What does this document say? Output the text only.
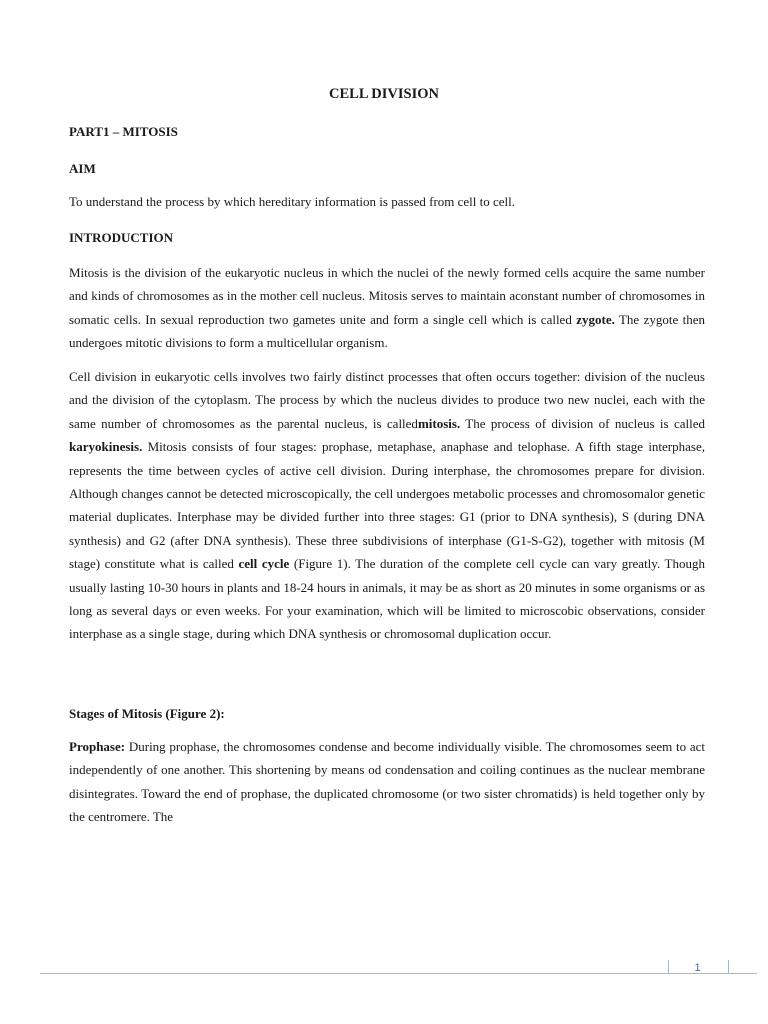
CELL DIVISION
PART1 – MITOSIS
AIM

To understand the process by which hereditary information is passed from cell to cell.

INTRODUCTION

Mitosis is the division of the eukaryotic nucleus in which the nuclei of the newly formed cells acquire the same number and kinds of chromosomes as in the mother cell nucleus. Mitosis serves to maintain aconstant number of chromosomes in somatic cells. In sexual reproduction two gametes unite and form a single cell which is called zygote. The zygote then undergoes mitotic divisions to form a multicellular organism.

Cell division in eukaryotic cells involves two fairly distinct processes that often occurs together: division of the nucleus and the division of the cytoplasm. The process by which the nucleus divides to produce two new nuclei, each with the same number of chromosomes as the parental nucleus, is calledmitosis. The process of division of nucleus is called karyokinesis. Mitosis consists of four stages: prophase, metaphase, anaphase and telophase. A fifth stage interphase, represents the time between cycles of active cell division. During interphase, the chromosomes prepare for division. Although changes cannot be detected microscopically, the cell undergoes metabolic processes and chromosomalor genetic material duplicates. Interphase may be divided further into three stages: G1 (prior to DNA synthesis), S (during DNA synthesis) and G2 (after DNA synthesis). These three subdivisions of interphase (G1-S-G2), together with mitosis (M stage) constitute what is called cell cycle (Figure 1). The duration of the complete cell cycle can vary greatly. Though usually lasting 10-30 hours in plants and 18-24 hours in animals, it may be as short as 20 minutes in some organisms or as long as several days or even weeks. For your examination, which will be limited to microscobic observations, consider interphase as a single stage, during which DNA synthesis or chromosomal duplication occur.

Stages of Mitosis (Figure 2):

Prophase: During prophase, the chromosomes condense and become individually visible. The chromosomes seem to act independently of one another. This shortening by means od condensation and coiling continues as the nuclear membrane disintegrates. Toward the end of prophase, the duplicated chromosome (or two sister chromatids) is held together only by the centromere. The

1
